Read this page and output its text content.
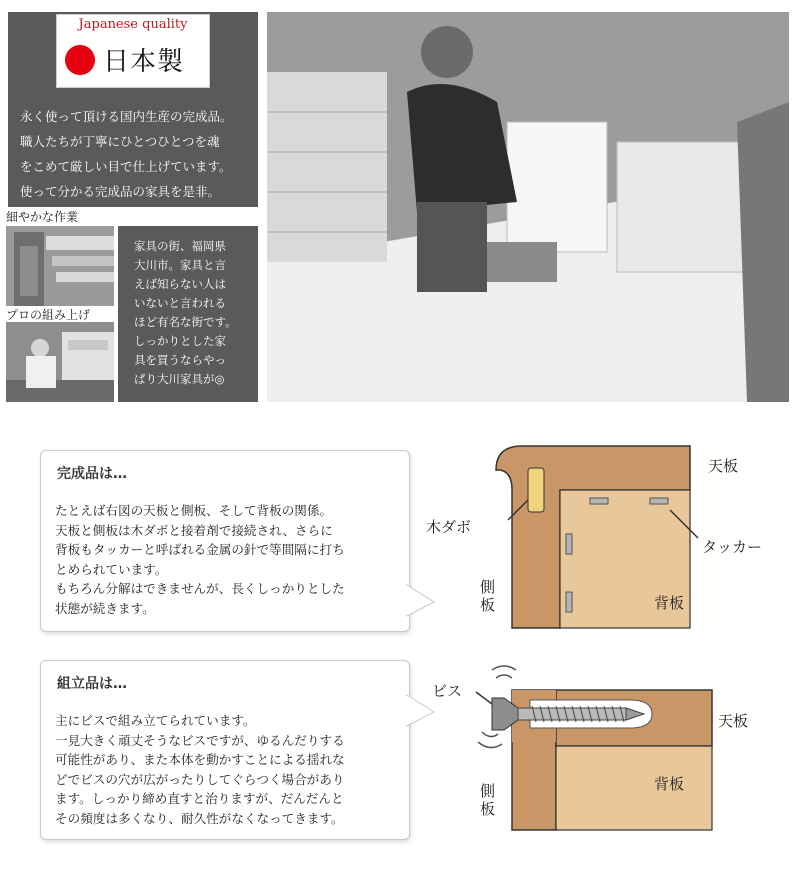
Japanese quality
日本製
永く使って頂ける国内生産の完成品。
職人たちが丁寧にひとつひとつを魂
をこめて厳しい目で仕上げています。
使って分かる完成品の家具を是非。
細やかな作業
プロの組み上げ
家具の街、福岡県
大川市。家具と言
えば知らない人は
いないと言われる
ほど有名な街です。
しっかりとした家
具を買うならやっ
ぱり大川家具が◎
完成品は…
たとえば右図の天板と側板、そして背板の関係。
天板と側板は木ダボと接着剤で接続され、さらに
背板もタッカーと呼ばれる金属の針で等間隔に打ち
とめられています。
もちろん分解はできませんが、長くしっかりとした
状態が続きます。
天板
木ダボ
タッカー
側板	背板
組立品は…
主にビスで組み立てられています。
一見大きく頑丈そうなビスですが、ゆるんだりする
可能性があり、また本体を動かすことによる揺れな
どでビスの穴が広がったりしてぐらつく場合があり
ます。しっかり締め直すと治りますが、だんだんと
その頻度は多くなり、耐久性がなくなってきます。
ビス
天板
側板
背板
